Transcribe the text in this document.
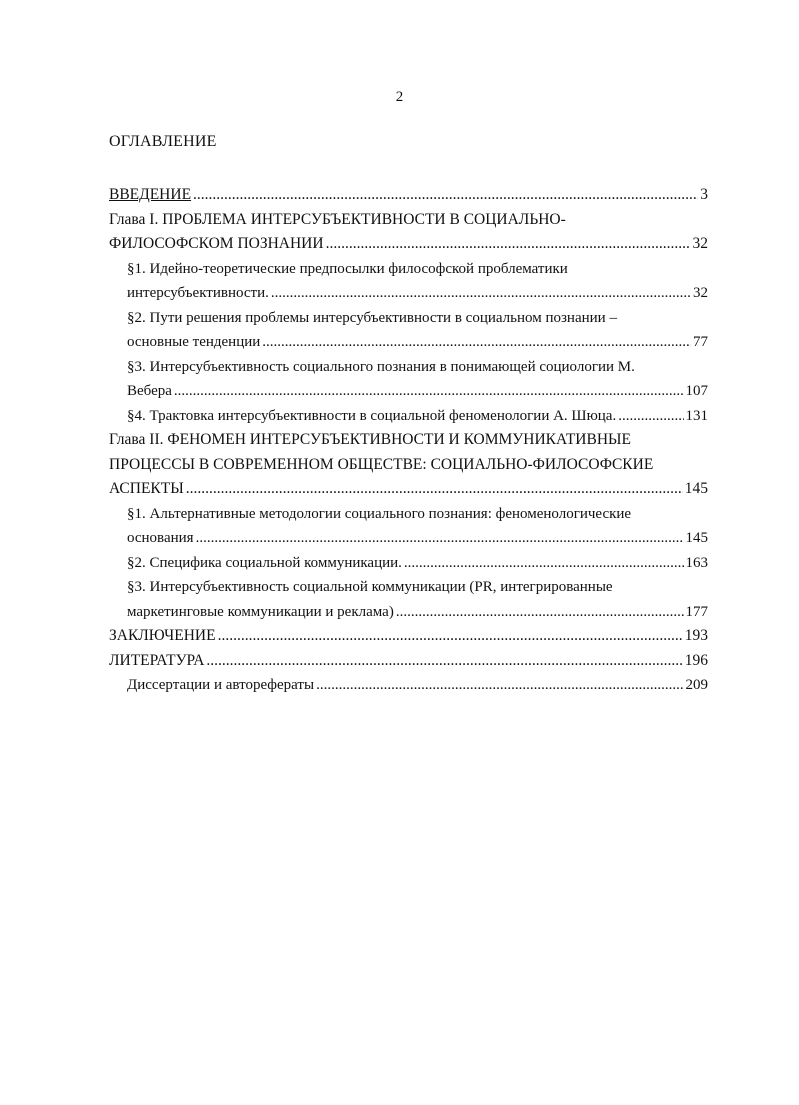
2
ОГЛАВЛЕНИЕ
ВВЕДЕНИЕ .....	3
Глава I. ПРОБЛЕМА ИНТЕРСУБЪЕКТИВНОСТИ В СОЦИАЛЬНО-
ФИЛОСОФСКОМ ПОЗНАНИИ .....	32
§1. Идейно-теоретические предпосылки философской проблематики
интерсубъективности. .....	32
§2. Пути решения проблемы интерсубъективности в социальном познании –
основные тенденции .....	77
§3. Интерсубъективность социального познания в понимающей социологии М.
Вебера .....	107
§4. Трактовка интерсубъективности в социальной феноменологии А. Шюца. .....	131
Глава II. ФЕНОМЕН ИНТЕРСУБЪЕКТИВНОСТИ И КОММУНИКАТИВНЫЕ
ПРОЦЕССЫ В СОВРЕМЕННОМ ОБЩЕСТВЕ: СОЦИАЛЬНО-ФИЛОСОФСКИЕ
АСПЕКТЫ .....	145
§1. Альтернативные методологии социального познания: феноменологические
основания .....	145
§2. Специфика социальной коммуникации. .....	163
§3. Интерсубъективность социальной коммуникации (PR, интегрированные
маркетинговые коммуникации и реклама) .....	177
ЗАКЛЮЧЕНИЕ .....	193
ЛИТЕРАТУРА .....	196
Диссертации и авторефераты .....	209
